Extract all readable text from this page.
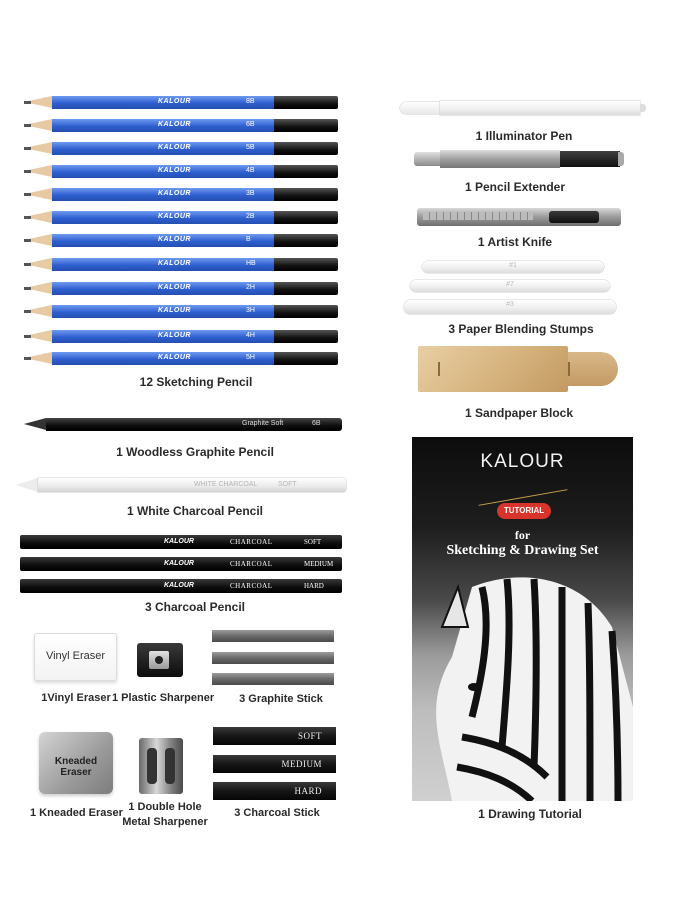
KALOUR	8B
KALOUR	6B
KALOUR	5B
KALOUR	4B
KALOUR	3B
KALOUR	2B
KALOUR	B
KALOUR	HB
KALOUR	2H
KALOUR	3H
KALOUR	4H
KALOUR	5H
12 Sketching Pencil
Graphite Soft	6B
1 Woodless Graphite Pencil
WHITE CHARCOAL	SOFT
1 White Charcoal Pencil
KALOUR	CHARCOAL	SOFT
KALOUR	CHARCOAL	MEDIUM
KALOUR	CHARCOAL	HARD
3 Charcoal Pencil
Vinyl Eraser
1Vinyl Eraser 1 Plastic Sharpener	3 Graphite Stick
Kneaded Eraser
1 Kneaded Eraser 1 Double Hole
Metal Sharpener
SOFT
MEDIUM
HARD
3 Charcoal Stick
1 Illuminator Pen
1 Pencil Extender
1 Artist Knife
#1
#7
#3
3 Paper Blending Stumps
1 Sandpaper Block
KALOUR
TUTORIAL
for
Sketching & Drawing Set
1 Drawing Tutorial
